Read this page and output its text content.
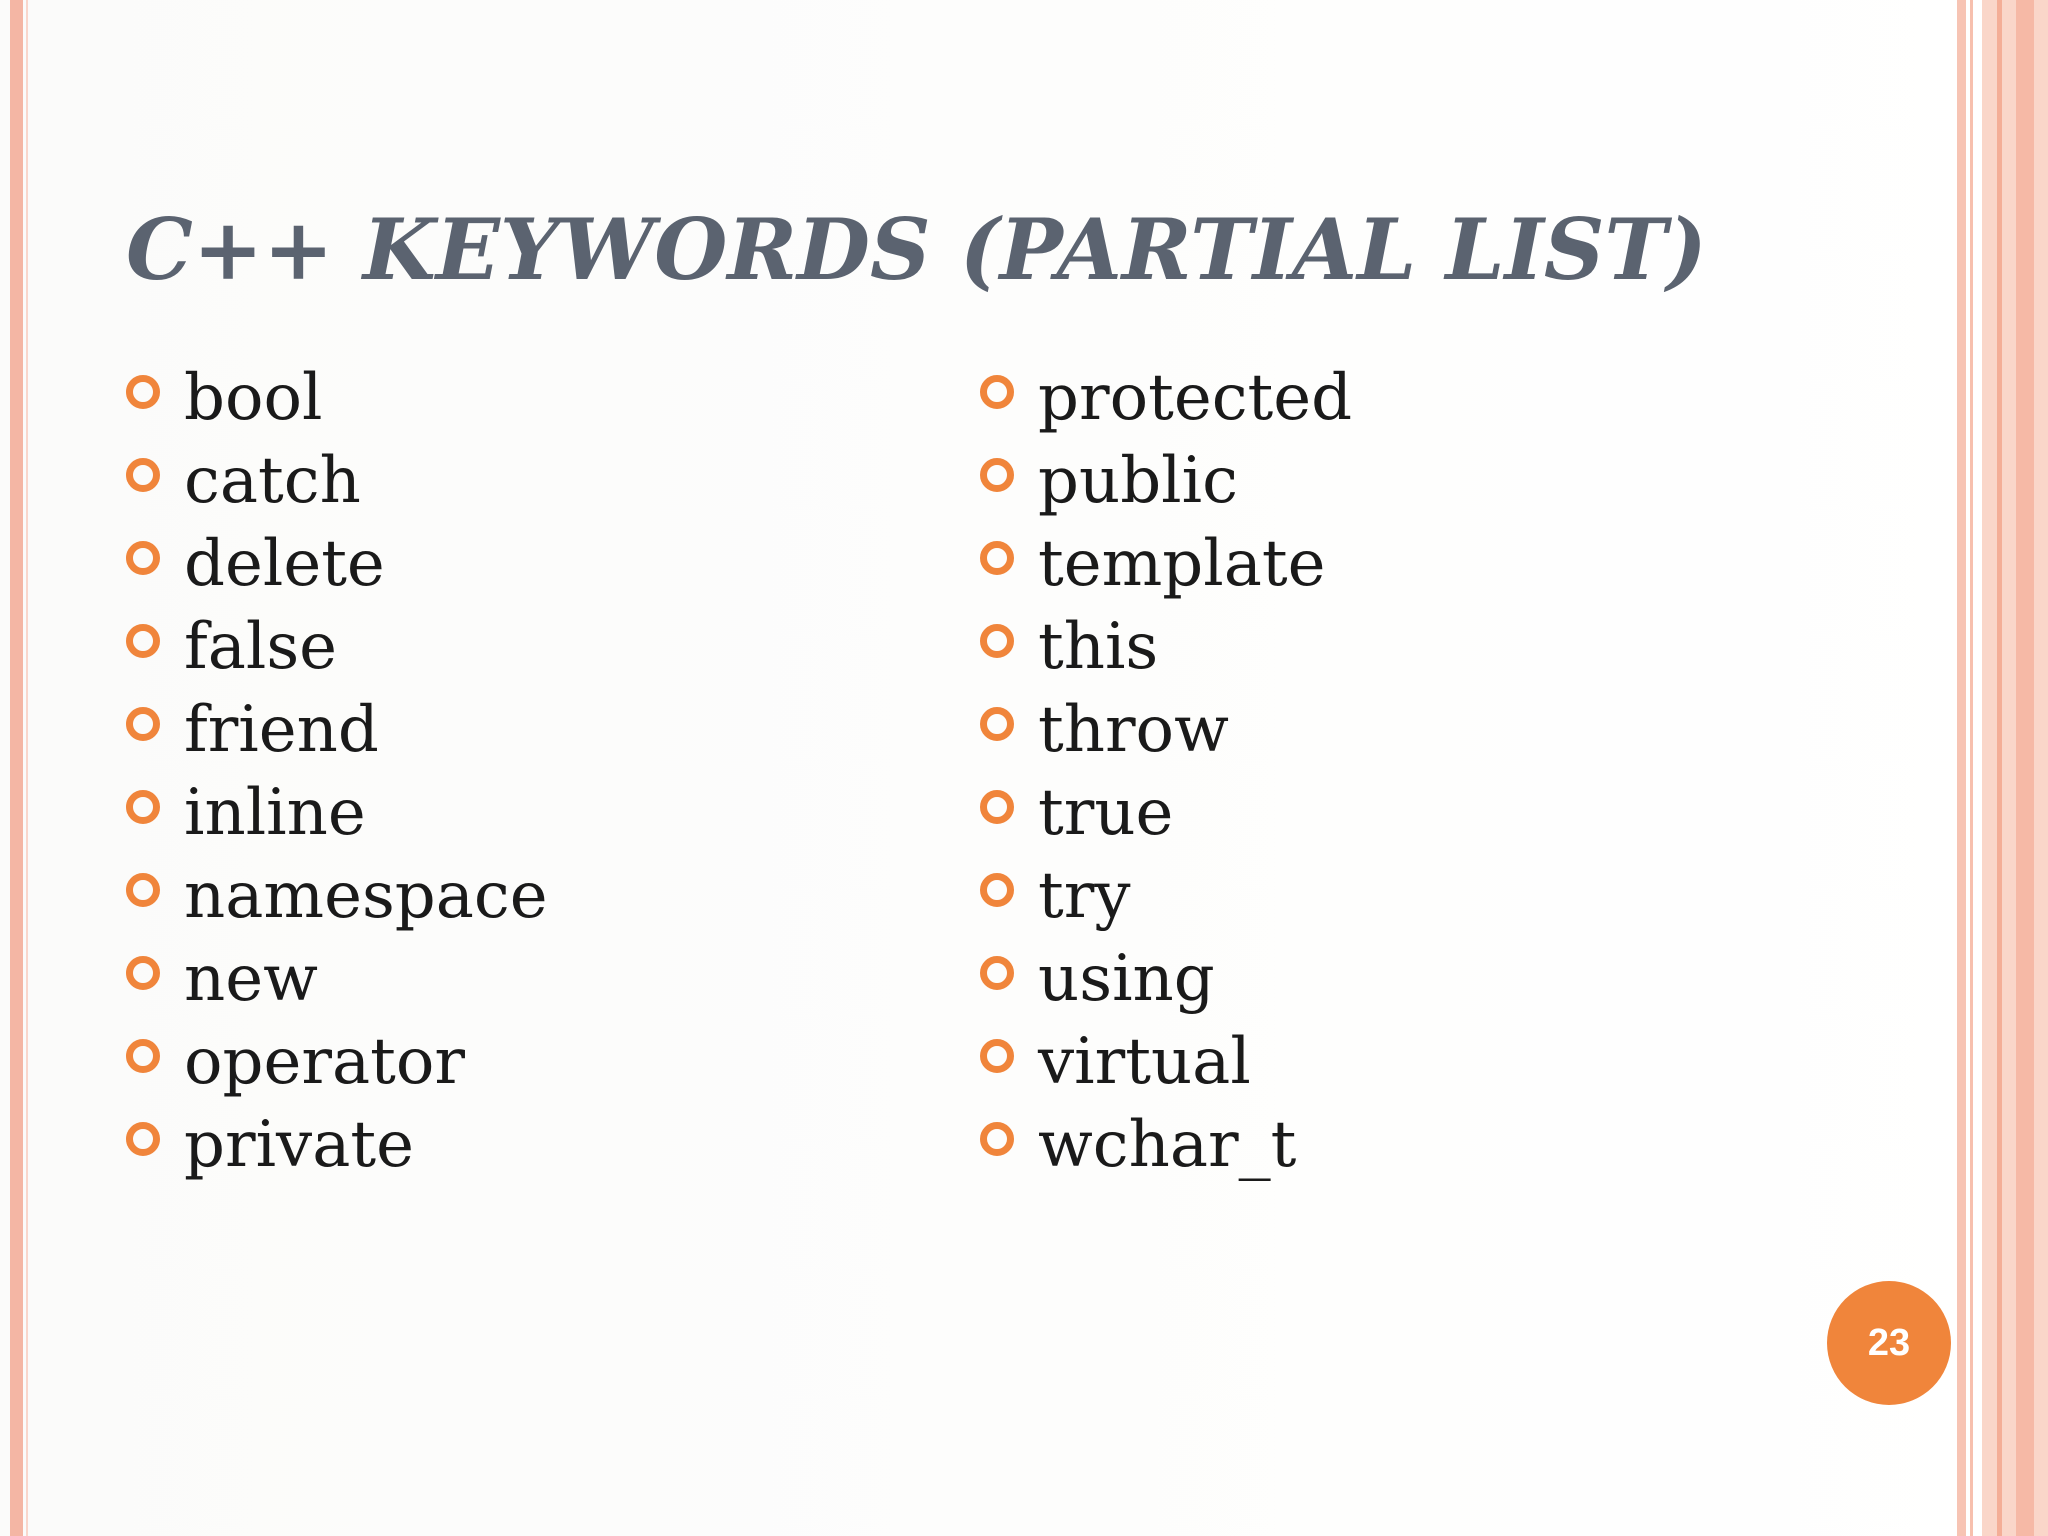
C++ KEYWORDS (PARTIAL LIST)
bool
catch
delete
false
friend
inline
namespace
new
operator
private
protected
public
template
this
throw
true
try
using
virtual
wchar_t
23
